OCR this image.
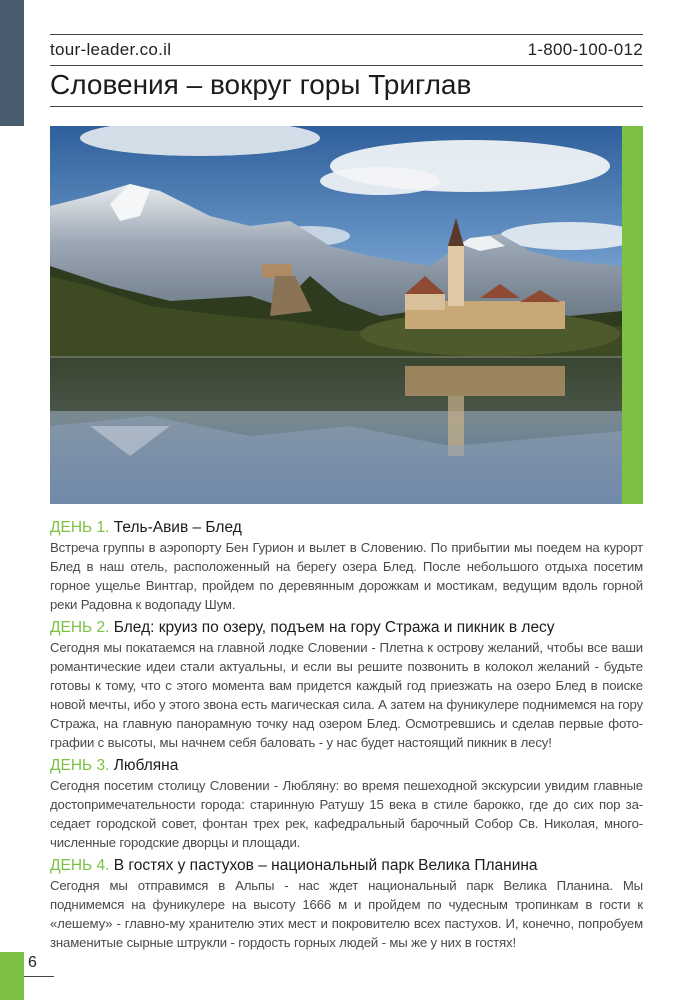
tour-leader.co.il	1-800-100-012
Словения – вокруг горы Триглав

ДЕНЬ 1. Тель-Авив – Блед

Встреча группы в аэропорту Бен Гурион и вылет в Словению. По прибытии мы поедем на курорт Блед в наш отель, расположенный на берегу озера Блед. После небольшого отдыха посетим горное ущелье Винтгар, пройдем по деревянным дорожкам и мостикам, ведущим вдоль горной реки Радовна к водопаду Шум.

ДЕНЬ 2. Блед: круиз по озеру, подъем на гору Стража и пикник в лесу

Сегодня мы покатаемся на главной лодке Словении - Плетна к острову желаний, чтобы все ваши романтические идеи стали актуальны, и если вы решите позвонить в колокол желаний - будьте готовы к тому, что с этого момента вам придется каждый год приезжать на озеро Блед в поиске новой мечты, ибо у этого звона есть магическая сила. А затем на фуникулере поднимемся на гору Стража, на главную панорамную точку над озером Блед. Осмотревшись и сделав первые фото-графии с высоты, мы начнем себя баловать - у нас будет настоящий пикник в лесу!

ДЕНЬ 3. Любляна

Сегодня посетим столицу Словении - Любляну: во время пешеходной экскурсии увидим главные достопримечательности города: старинную Ратушу 15 века в стиле барокко, где до сих пор за-седает городской совет, фонтан трех рек, кафедральный барочный Собор Св. Николая, много-численные городские дворцы и площади.

ДЕНЬ 4. В гостях у пастухов – национальный парк Велика Планина

Сегодня мы отправимся в Альпы - нас ждет национальный парк Велика Планина. Мы поднимемся на фуникулере на высоту 1666 м и пройдем по чудесным тропинкам в гости к «лешему» - главно-му хранителю этих мест и покровителю всех пастухов. И, конечно, попробуем знаменитые сырные штрукли - гордость горных людей - мы же у них в гостях!

6
